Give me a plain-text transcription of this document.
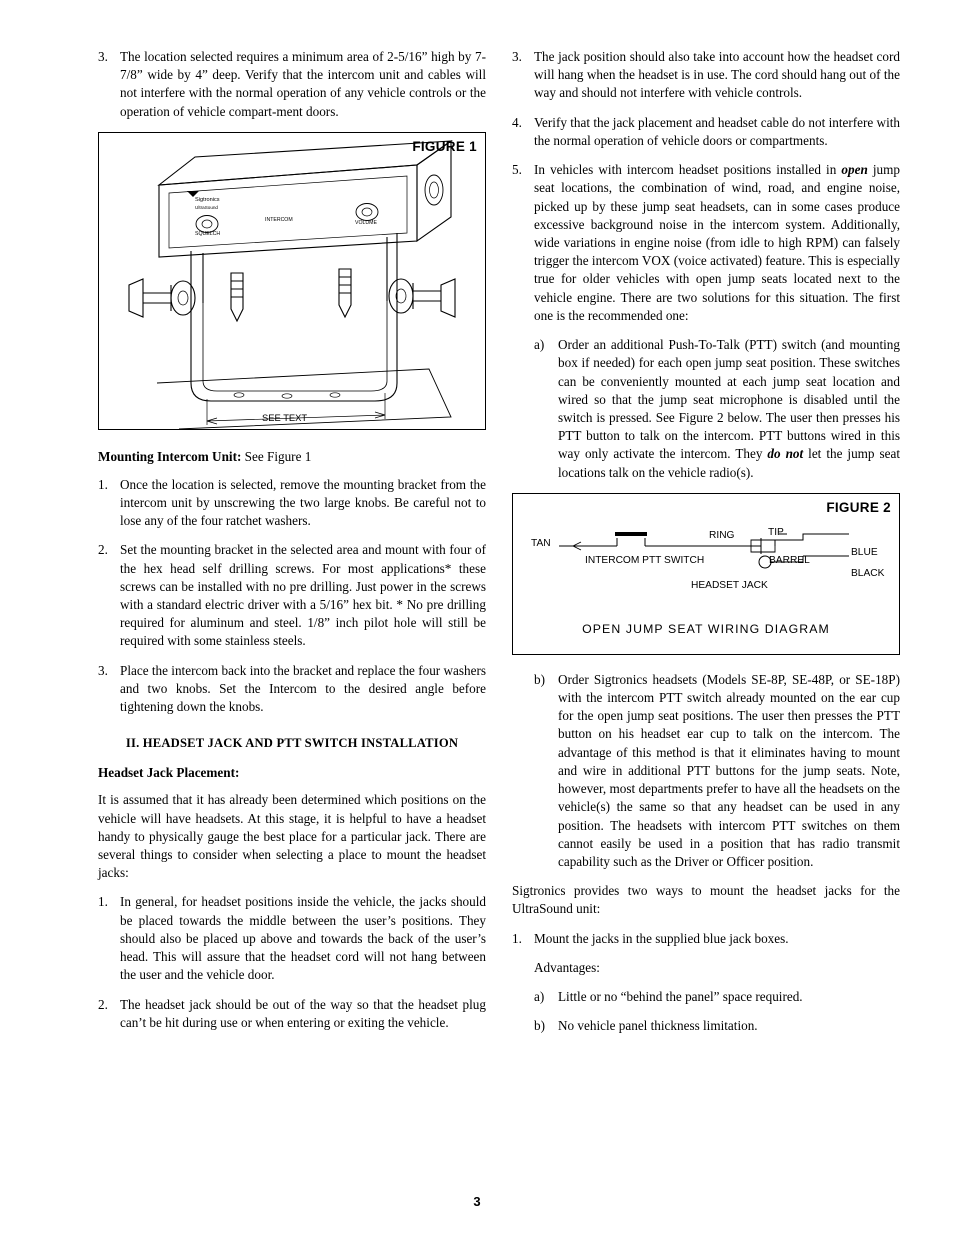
3. The location selected requires a minimum area of 2-5/16” high by 7-7/8” wide by 4” deep. Verify that the intercom unit and cables will not interfere with the normal operation of any vehicle controls or the operation of vehicle compart-ment doors.
FIGURE 1
Sigtronics
UltraSound
SQUELCH
INTERCOM	VOLUME
SEE TEXT
Mounting Intercom Unit: See Figure 1
1. Once the location is selected, remove the mounting bracket from the intercom unit by unscrewing the two large knobs. Be careful not to lose any of the four ratchet washers.
2. Set the mounting bracket in the selected area and mount with four of the hex head self drilling screws. For most applications* these screws can be installed with no pre drilling. Just power in the screws with a standard electric driver with a 5/16” hex bit. * No pre drilling required for aluminum and steel. 1/8” inch pilot hole will still be required with some stainless steels.
3. Place the intercom back into the bracket and replace the four washers and two knobs. Set the Intercom to the desired angle before tightening down the knobs.
II. HEADSET JACK AND PTT SWITCH INSTALLATION
Headset Jack Placement:

It is assumed that it has already been determined which positions on the vehicle will have headsets. At this stage, it is helpful to have a headset handy to physically gauge the best place for a particular jack. There are several things to consider when selecting a place to mount the headset jacks:

1. In general, for headset positions inside the vehicle, the jacks should be placed towards the middle between the user’s positions. They should also be placed up above and towards the back of the user’s head. This will assure that the headset cord will not hang between the user and the vehicle door.
2. The headset jack should be out of the way so that the headset plug can’t be hit during use or when entering or exiting the vehicle.
3. The jack position should also take into account how the headset cord will hang when the headset is in use. The cord should hang out of the way and should not interfere with vehicle controls.
4. Verify that the jack placement and headset cable do not interfere with the normal operation of vehicle doors or compartments.
5. In vehicles with intercom headset positions installed in open jump seat locations, the combination of wind, road, and engine noise, picked up by these jump seat headsets, can in some cases produce excessive background noise in the intercom system. Additionally, wide variations in engine noise (from idle to high RPM) can falsely trigger the intercom VOX (voice activated) feature. This is especially true for older vehicles with open jump seats located next to the vehicle engine. There are two solutions for this situation. The first one is the recommended one:
a)	Order an additional Push-To-Talk (PTT) switch (and mounting box if needed) for each open jump seat position. These switches can be conveniently mounted at each jump seat location and wired so that the jump seat microphone is disabled until the switch is pressed. See Figure 2 below. The user then presses his PTT button to talk on the intercom. PTT buttons wired in this way only activate the intercom. They do not let the jump seat locations talk on the vehicle radio(s).
FIGURE 2
TAN
RING	TIP
BLUE
BLACK
BARREL
INTERCOM PTT SWITCH
HEADSET JACK
OPEN JUMP SEAT WIRING DIAGRAM
b) Order Sigtronics headsets (Models SE-8P, SE-48P, or SE-18P) with the intercom PTT switch already mounted on the ear cup for the open jump seat positions. The user then presses the PTT button on his headset ear cup to talk on the intercom. The advantage of this method is that it eliminates having to mount and wire in additional PTT buttons for the jump seats. Note, however, most departments prefer to have all the headsets on the vehicle(s) the same so that any headset can be used in any position. The headsets with intercom PTT switches on them cannot easily be used in a position that has radio transmit capability such as the Driver or Officer position.

Sigtronics provides two ways to mount the headset jacks for the UltraSound unit:

1. Mount the jacks in the supplied blue jack boxes.

Advantages:

a)	Little or no “behind the panel” space required.
b) No vehicle panel thickness limitation.
3
